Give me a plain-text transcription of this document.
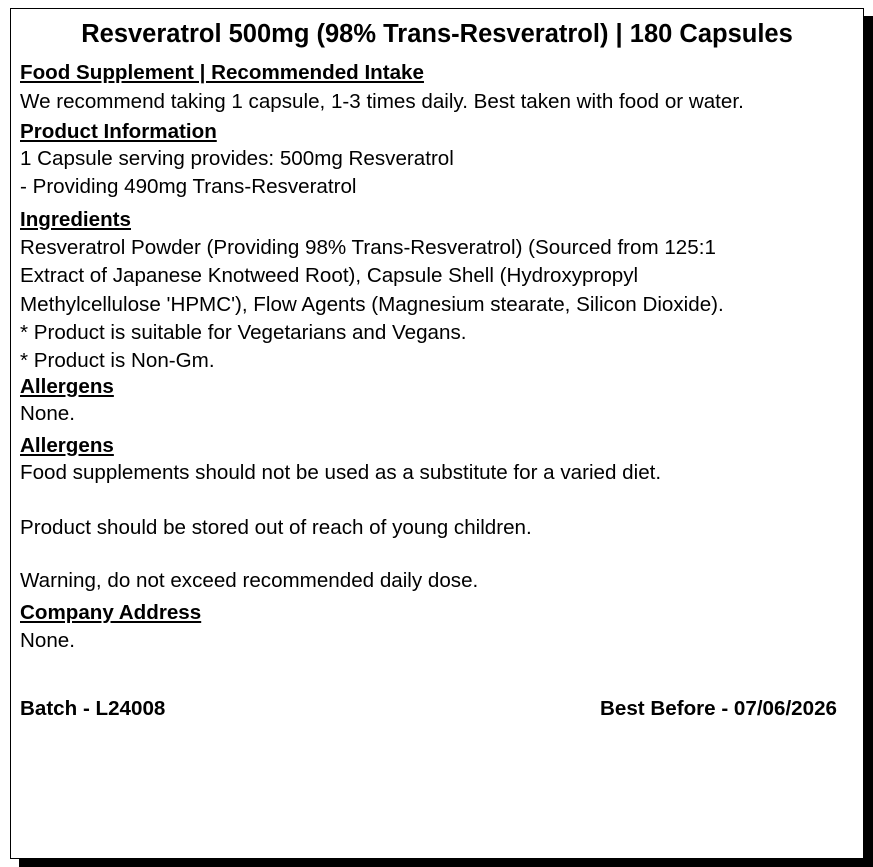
Resveratrol 500mg (98% Trans-Resveratrol) | 180 Capsules
Food Supplement | Recommended Intake
We recommend taking 1 capsule, 1-3 times daily. Best taken with food or water.
Product Information
1 Capsule serving provides: 500mg Resveratrol
- Providing 490mg Trans-Resveratrol
Ingredients
Resveratrol Powder (Providing 98% Trans-Resveratrol) (Sourced from 125:1
Extract of Japanese Knotweed Root), Capsule Shell (Hydroxypropyl
Methylcellulose 'HPMC'), Flow Agents (Magnesium stearate, Silicon Dioxide).
* Product is suitable for Vegetarians and Vegans.
* Product is Non-Gm.
Allergens
None.
Allergens
Food supplements should not be used as a substitute for a varied diet.
Product should be stored out of reach of young children.
Warning, do not exceed recommended daily dose.
Company Address
None.
Batch - L24008	Best Before - 07/06/2026
